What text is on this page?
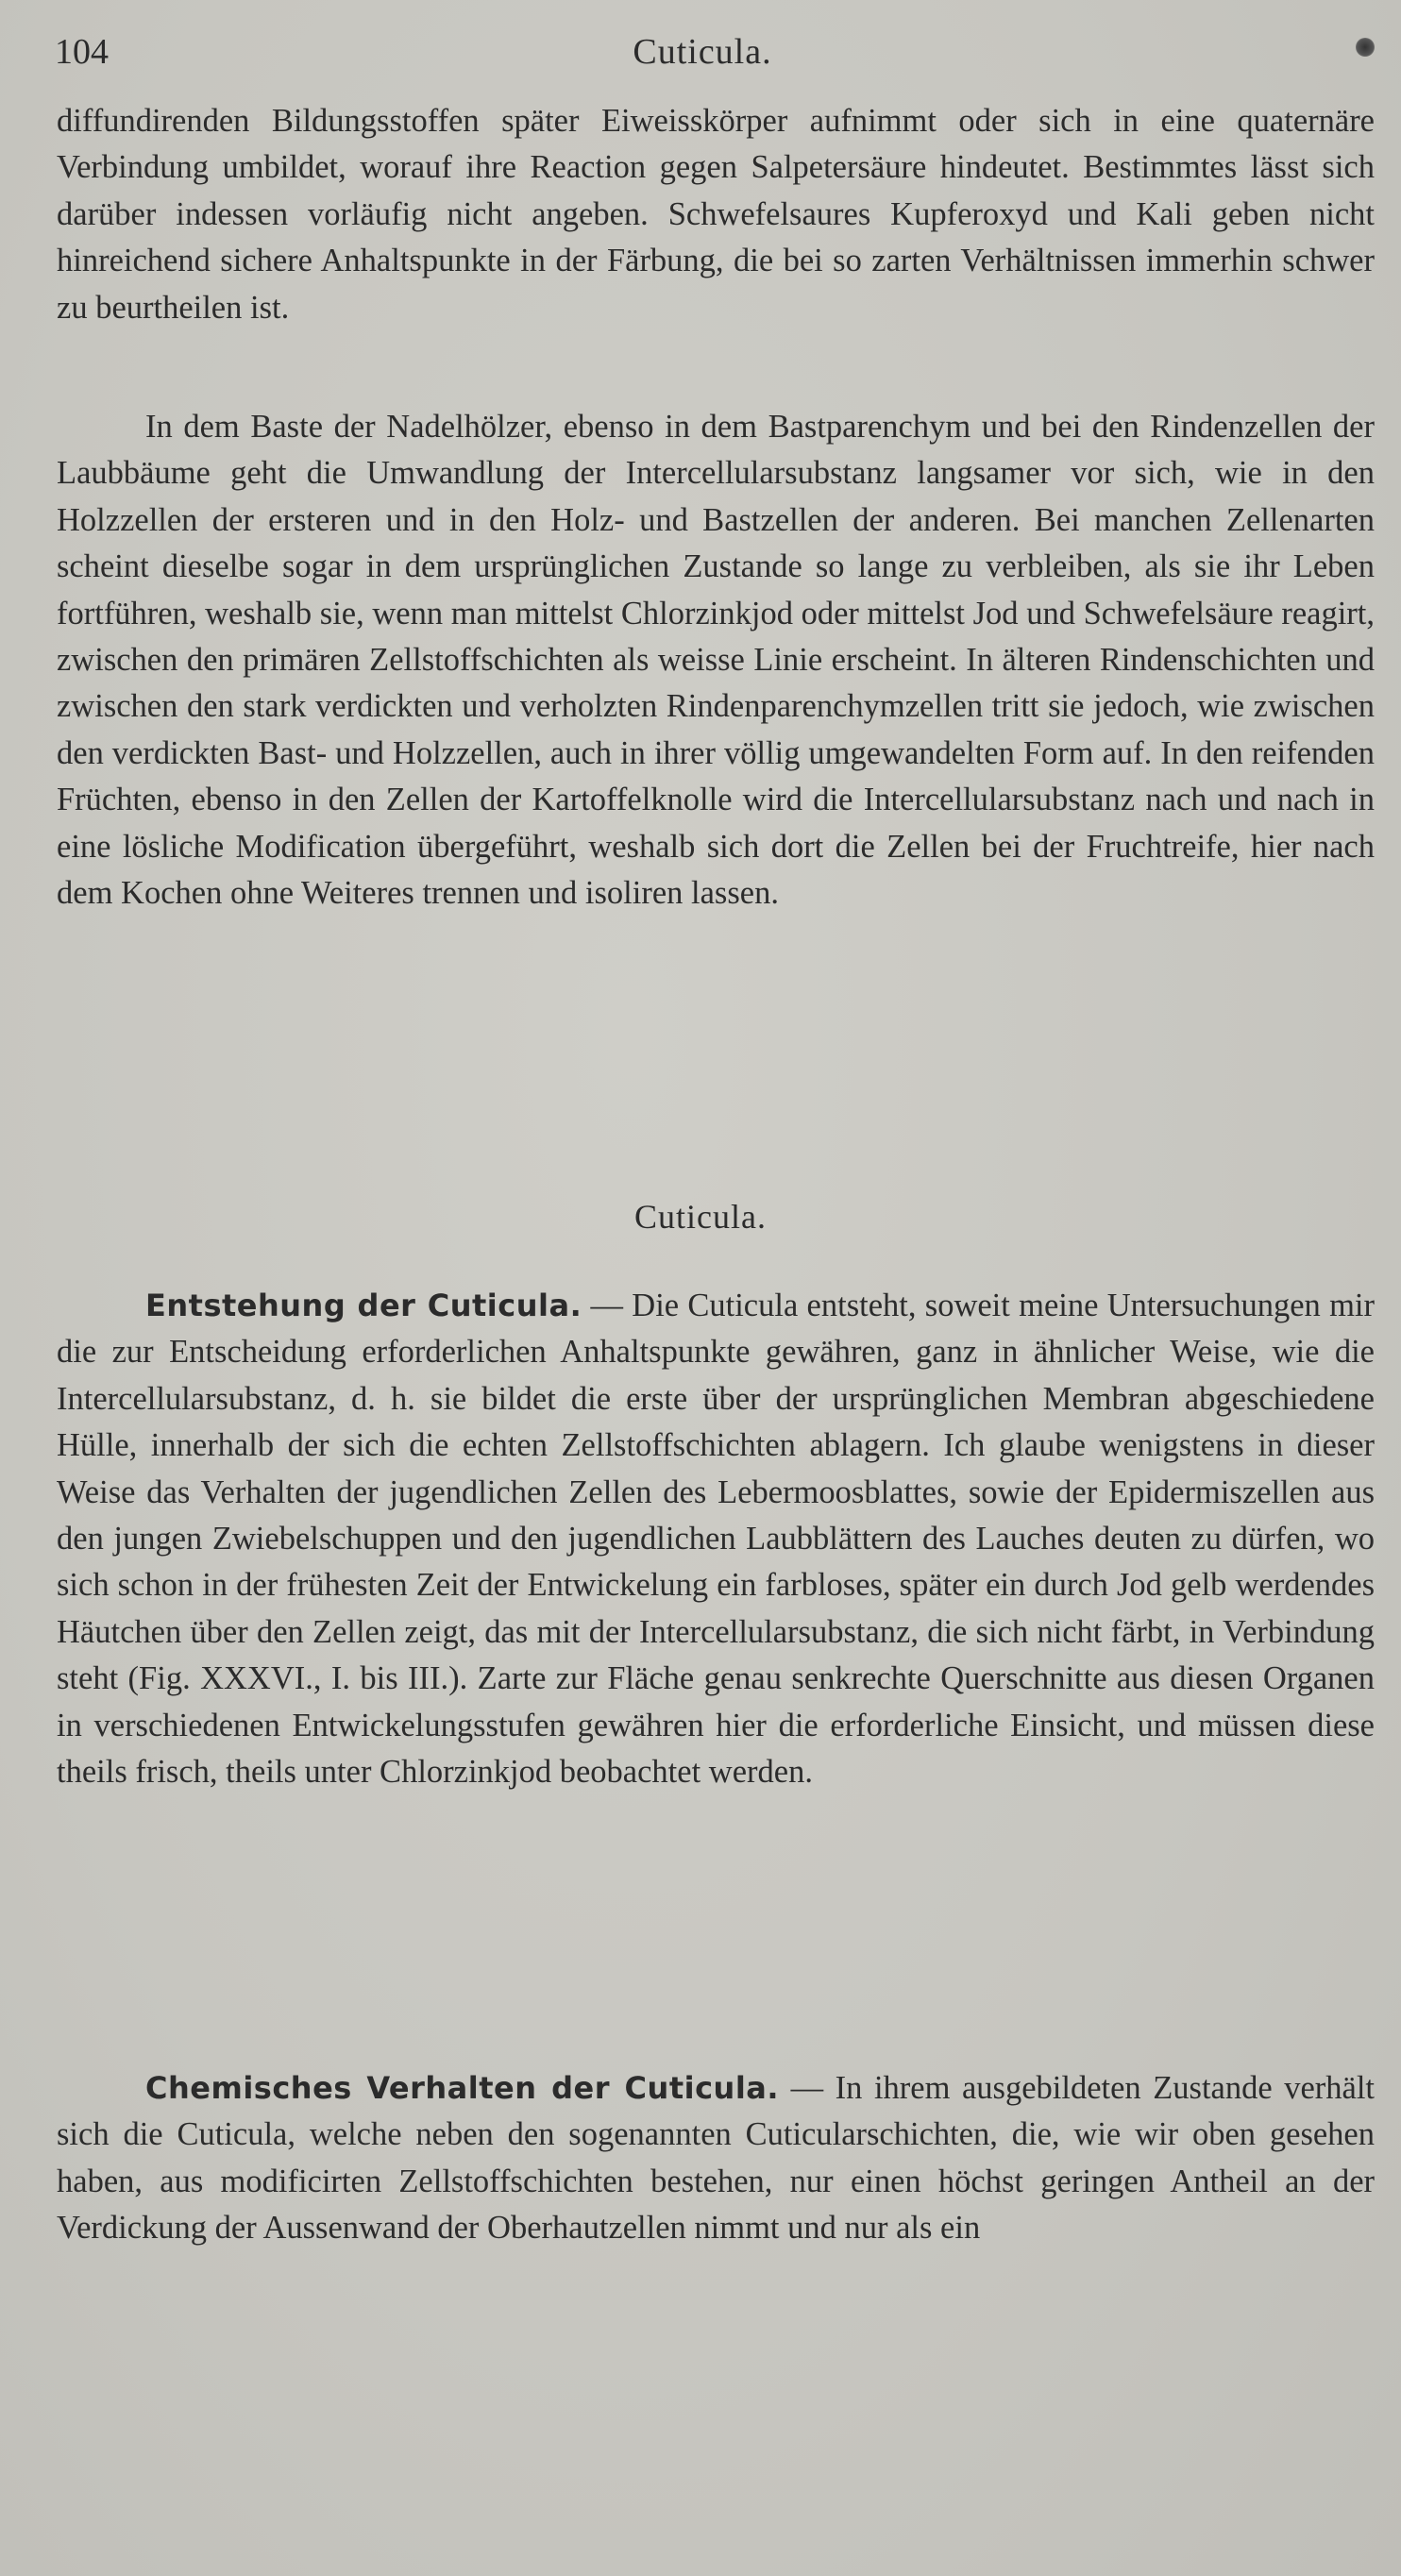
104	Cuticula.

diffundirenden Bildungsstoffen später Eiweisskörper aufnimmt oder sich in eine quaternäre Verbindung umbildet, worauf ihre Reaction gegen Salpetersäure hindeutet. Bestimmtes lässt sich darüber indessen vorläufig nicht angeben. Schwefelsaures Kupferoxyd und Kali geben nicht hinreichend sichere Anhaltspunkte in der Färbung, die bei so zarten Verhältnissen immerhin schwer zu beurtheilen ist.

In dem Baste der Nadelhölzer, ebenso in dem Bastparenchym und bei den Rindenzellen der Laubbäume geht die Umwandlung der Intercellularsubstanz langsamer vor sich, wie in den Holzzellen der ersteren und in den Holz- und Bastzellen der anderen. Bei manchen Zellenarten scheint dieselbe sogar in dem ursprünglichen Zustande so lange zu verbleiben, als sie ihr Leben fortführen, weshalb sie, wenn man mittelst Chlorzinkjod oder mittelst Jod und Schwefelsäure reagirt, zwischen den primären Zellstoffschichten als weisse Linie erscheint. In älteren Rindenschichten und zwischen den stark verdickten und verholzten Rindenparenchymzellen tritt sie jedoch, wie zwischen den verdickten Bast- und Holzzellen, auch in ihrer völlig umgewandelten Form auf. In den reifenden Früchten, ebenso in den Zellen der Kartoffelknolle wird die Intercellularsubstanz nach und nach in eine lösliche Modification übergeführt, weshalb sich dort die Zellen bei der Fruchtreife, hier nach dem Kochen ohne Weiteres trennen und isoliren lassen.

Cuticula.

Entstehung der Cuticula. — Die Cuticula entsteht, soweit meine Untersuchungen mir die zur Entscheidung erforderlichen Anhaltspunkte gewähren, ganz in ähnlicher Weise, wie die Intercellularsubstanz, d. h. sie bildet die erste über der ursprünglichen Membran abgeschiedene Hülle, innerhalb der sich die echten Zellstoffschichten ablagern. Ich glaube wenigstens in dieser Weise das Verhalten der jugendlichen Zellen des Lebermoosblattes, sowie der Epidermiszellen aus den jungen Zwiebelschuppen und den jugendlichen Laubblättern des Lauches deuten zu dürfen, wo sich schon in der frühesten Zeit der Entwickelung ein farbloses, später ein durch Jod gelb werdendes Häutchen über den Zellen zeigt, das mit der Intercellularsubstanz, die sich nicht färbt, in Verbindung steht (Fig. XXXVI., I. bis III.). Zarte zur Fläche genau senkrechte Querschnitte aus diesen Organen in verschiedenen Entwickelungsstufen gewähren hier die erforderliche Einsicht, und müssen diese theils frisch, theils unter Chlorzinkjod beobachtet werden.

Chemisches Verhalten der Cuticula. — In ihrem ausgebildeten Zustande verhält sich die Cuticula, welche neben den sogenannten Cuticularschichten, die, wie wir oben gesehen haben, aus modificirten Zellstoffschichten bestehen, nur einen höchst geringen Antheil an der Verdickung der Aussenwand der Oberhautzellen nimmt und nur als ein
